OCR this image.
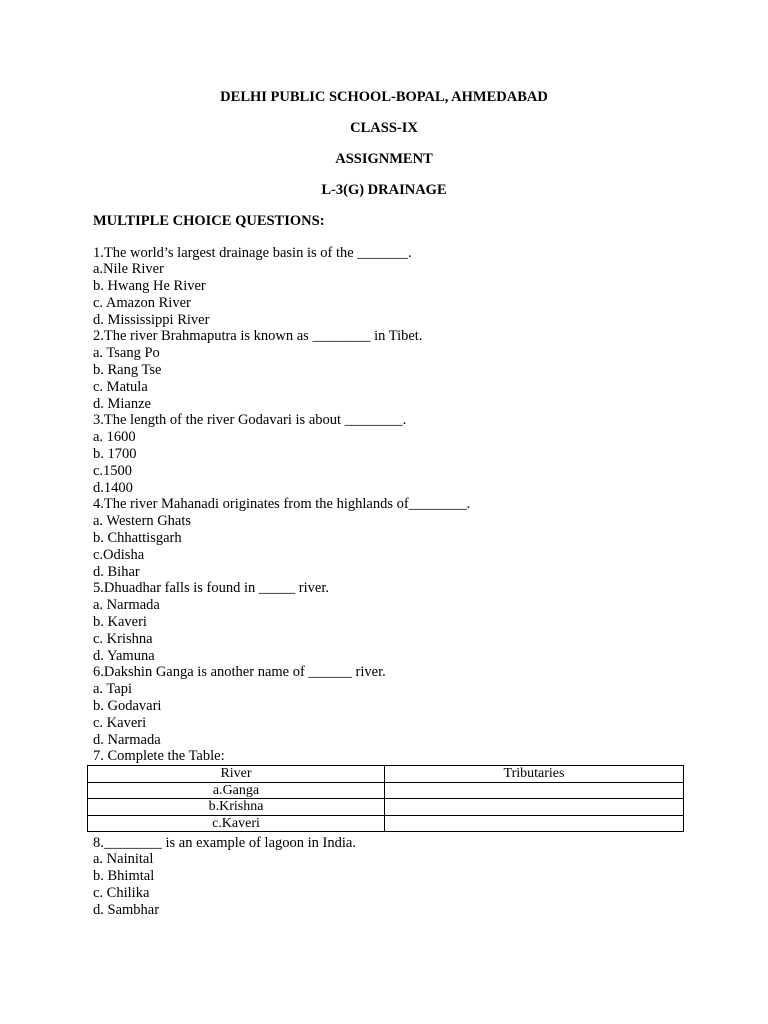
DELHI PUBLIC SCHOOL-BOPAL, AHMEDABAD
CLASS-IX
ASSIGNMENT
L-3(G) DRAINAGE
MULTIPLE CHOICE QUESTIONS:
1.The world’s largest drainage basin is of the _______.
a.Nile River
b. Hwang He River
c. Amazon River
d. Mississippi River
2.The river Brahmaputra is known as ________ in Tibet.
a. Tsang Po
b. Rang Tse
c. Matula
d. Mianze
3.The length of the river Godavari is about ________.
a. 1600
b. 1700
c.1500
d.1400
4.The river Mahanadi originates from the highlands of________.
a. Western Ghats
b. Chhattisgarh
c.Odisha
d. Bihar
5.Dhuadhar falls is found in _____ river.
a. Narmada
b. Kaveri
c. Krishna
d. Yamuna
6.Dakshin Ganga is another name of ______ river.
a. Tapi
b. Godavari
c. Kaveri
d. Narmada
7. Complete the Table:
River	Tributaries
a.Ganga	
b.Krishna	
c.Kaveri	
8.________ is an example of lagoon in India.
a. Nainital
b. Bhimtal
c. Chilika
d. Sambhar
